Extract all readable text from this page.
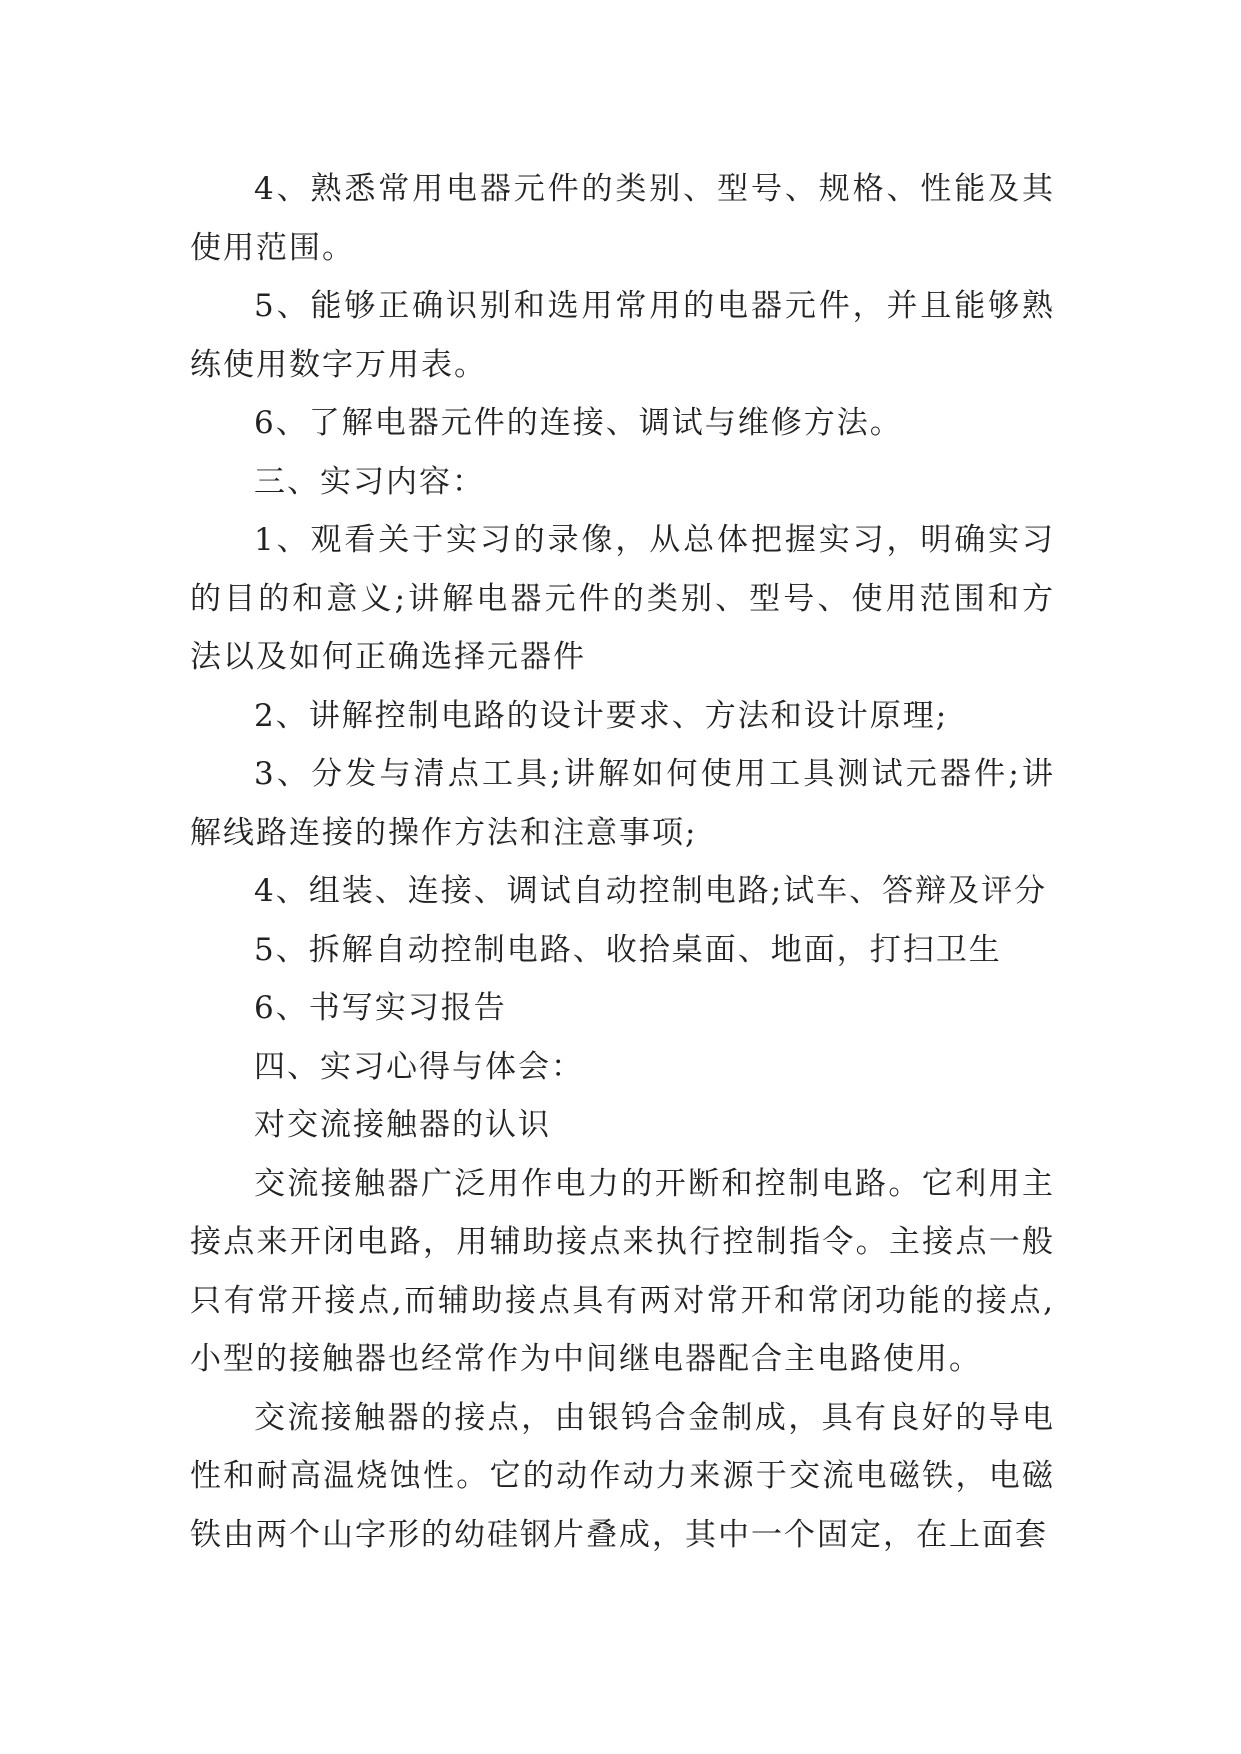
4、熟悉常用电器元件的类别、型号、规格、性能及其使用范围。

5、能够正确识别和选用常用的电器元件，并且能够熟练使用数字万用表。

6、了解电器元件的连接、调试与维修方法。

三、实习内容：

1、观看关于实习的录像，从总体把握实习，明确实习的目的和意义;讲解电器元件的类别、型号、使用范围和方法以及如何正确选择元器件

2、讲解控制电路的设计要求、方法和设计原理;

3、分发与清点工具;讲解如何使用工具测试元器件;讲解线路连接的操作方法和注意事项;

4、组装、连接、调试自动控制电路;试车、答辩及评分

5、拆解自动控制电路、收拾桌面、地面，打扫卫生

6、书写实习报告

四、实习心得与体会：

对交流接触器的认识

交流接触器广泛用作电力的开断和控制电路。它利用主接点来开闭电路，用辅助接点来执行控制指令。主接点一般只有常开接点,而辅助接点具有两对常开和常闭功能的接点,小型的接触器也经常作为中间继电器配合主电路使用。

交流接触器的接点，由银钨合金制成，具有良好的导电性和耐高温烧蚀性。它的动作动力来源于交流电磁铁，电磁铁由两个山字形的幼硅钢片叠成，其中一个固定，在上面套
